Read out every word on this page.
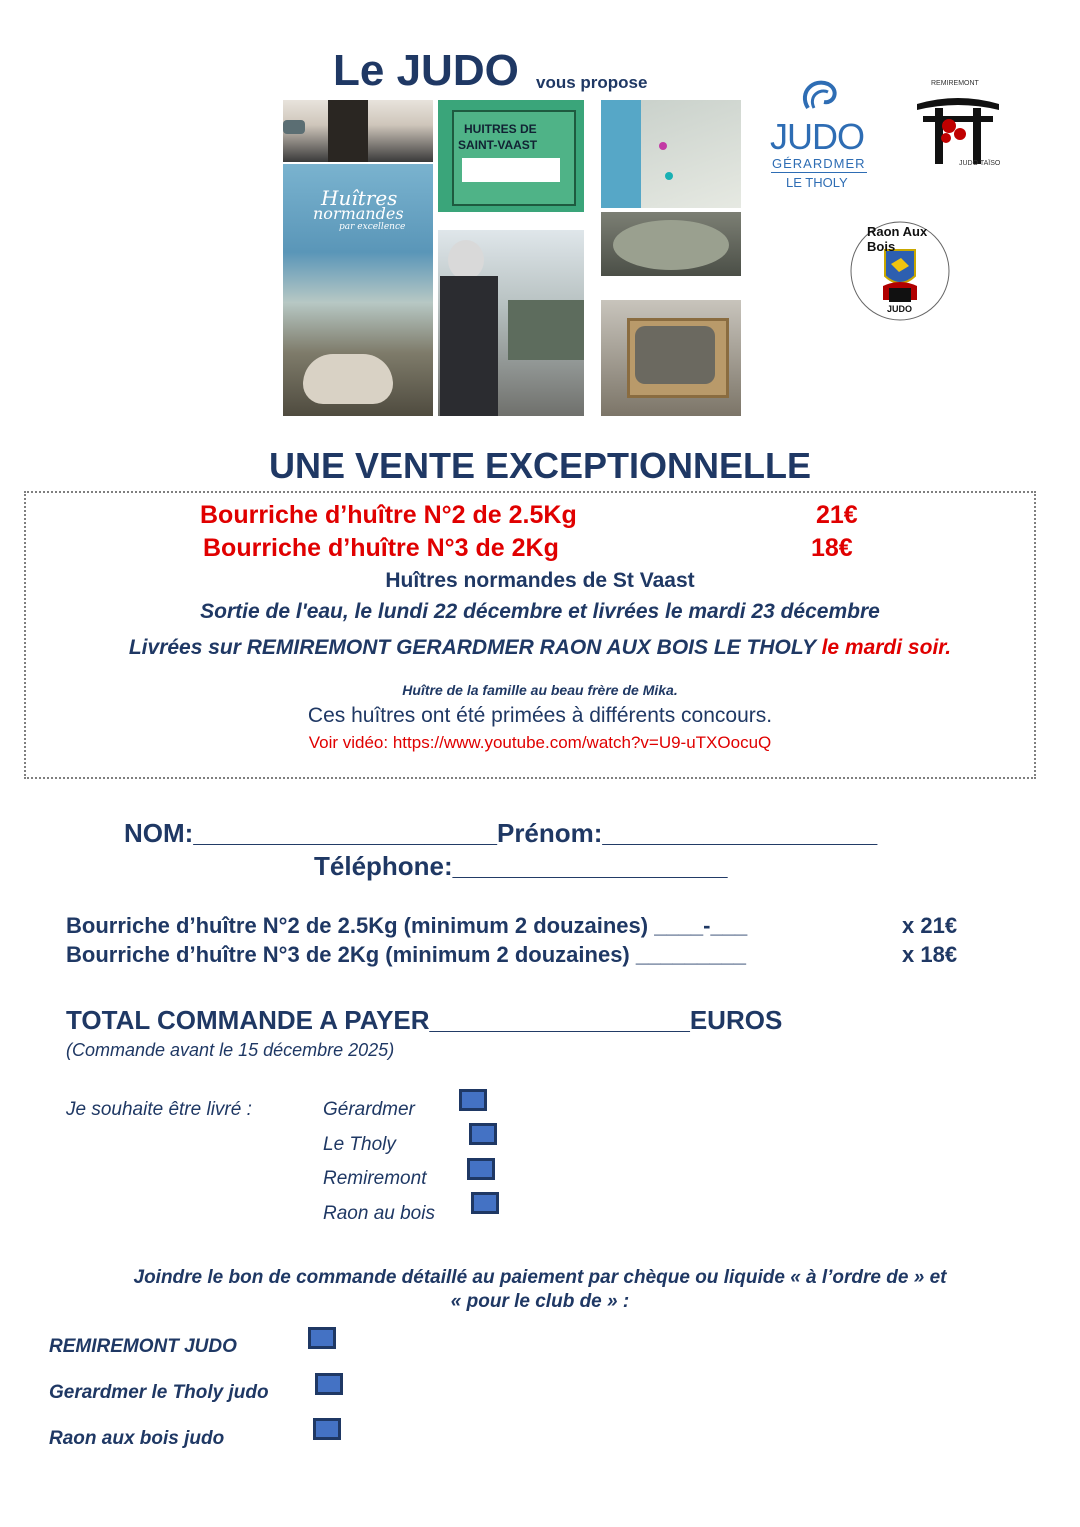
Le JUDO vous propose
Huîtres
normandes
par excellence
HUITRES DE
SAINT-VAAST	JUDO
GÉRARDMER
LE THOLY
REMIREMONT
JUDO TAÏSO
Raon Aux Bois
JUDO
UNE VENTE EXCEPTIONNELLE
Bourriche d’huître N°2 de 2.5Kg	21€
Bourriche d’huître N°3 de 2Kg	18€
Huîtres normandes de St Vaast
Sortie de l'eau, le lundi 22 décembre et livrées le mardi 23 décembre
Livrées sur REMIREMONT GERARDMER RAON AUX BOIS LE THOLY le mardi soir.
Huître de la famille au beau frère de Mika.
Ces huîtres ont été primées à différents concours.
Voir vidéo: https://www.youtube.com/watch?v=U9-uTXOocuQ
NOM:_____________________Prénom:___________________
Téléphone:___________________
Bourriche d’huître N°2 de 2.5Kg (minimum 2 douzaines) ____-___	x 21€
Bourriche d’huître N°3 de 2Kg (minimum 2 douzaines) _________	x 18€
TOTAL COMMANDE A PAYER__________________EUROS
(Commande avant le 15 décembre 2025)
Je souhaite être livré :	Gérardmer
Le Tholy
Remiremont
Raon au bois
Joindre le bon de commande détaillé au paiement par chèque ou liquide « à l’ordre de » et
« pour le club de » :
REMIREMONT JUDO
Gerardmer le Tholy judo
Raon aux bois judo
